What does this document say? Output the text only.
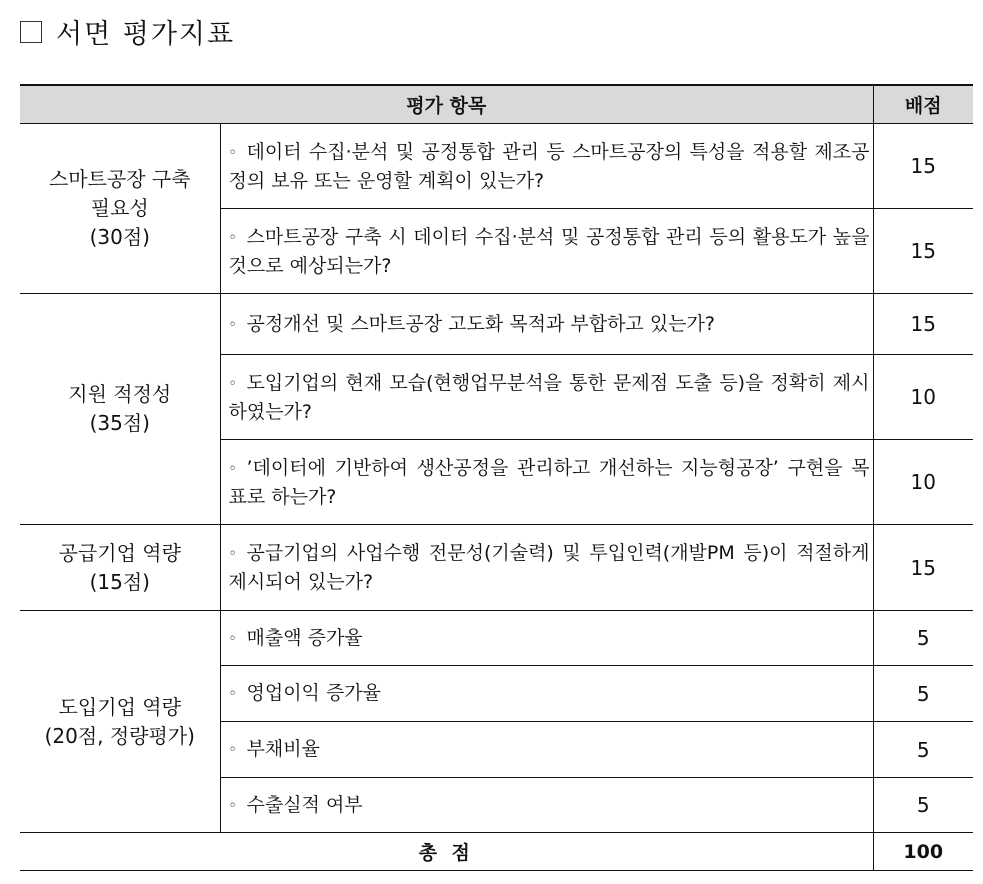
서면 평가지표
평가 항목		배점

스마트공장 구축
필요성
(30점)	◦ 데이터 수집·분석 및 공정통합 관리 등 스마트공장의 특성을 적용할 제조공정의 보유 또는 운영할 계획이 있는가?	15
	◦ 스마트공장 구축 시 데이터 수집·분석 및 공정통합 관리 등의 활용도가 높을 것으로 예상되는가?	15

지원 적정성
(35점)	◦ 공정개선 및 스마트공장 고도화 목적과 부합하고 있는가?	15
	◦ 도입기업의 현재 모습(현행업무분석을 통한 문제점 도출 등)을 정확히 제시하였는가?	10
	◦ ’데이터에 기반하여 생산공정을 관리하고 개선하는 지능형공장’ 구현을 목표로 하는가?	10

공급기업 역량
(15점)	◦ 공급기업의 사업수행 전문성(기술력) 및 투입인력(개발PM 등)이 적절하게 제시되어 있는가?	15

도입기업 역량
(20점, 정량평가)	◦ 매출액 증가율	5
	◦ 영업이익 증가율	5
	◦ 부채비율	5
	◦ 수출실적 여부	5
총 점		100
